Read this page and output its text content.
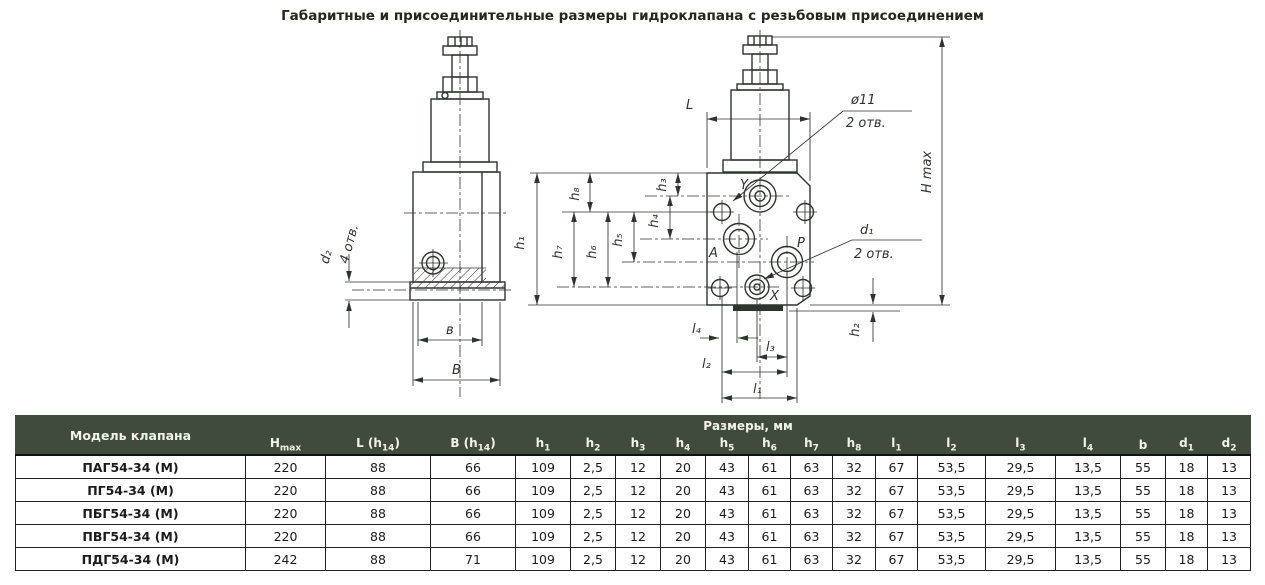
Габаритные и присоединительные размеры гидроклапана с резьбовым присоединением
d₂ 4 отв.
в
B
L	ø11
2 отв.
d₁
2 отв.
H max
h₁
h₂
h₃
h₄
h₅
h₆
h₇
h₈
l₁
l₂
l₃
l₄
Y
A
P
X
Модель клапана	Размеры, мм																	
	$H_{max}$	L $(h_{14})$	B $(h_{14})$	$h_1$	$h_2$	$h_3$	$h_4$	$h_5$	$h_6$	$h_7$	$h_8$	$l_1$	$l_2$	$l_3$	$l_4$	b	$d_1$	$d_2$
ПАГ54-34 (М)	220	88	66	109	2,5	12	20	43	61	63	32	67	53,5	29,5	13,5	55	18	13
ПГ54-34 (М)	220	88	66	109	2,5	12	20	43	61	63	32	67	53,5	29,5	13,5	55	18	13
ПБГ54-34 (М)	220	88	66	109	2,5	12	20	43	61	63	32	67	53,5	29,5	13,5	55	18	13
ПВГ54-34 (М)	220	88	66	109	2,5	12	20	43	61	63	32	67	53,5	29,5	13,5	55	18	13
ПДГ54-34 (М)	242	88	71	109	2,5	12	20	43	61	63	32	67	53,5	29,5	13,5	55	18	13
